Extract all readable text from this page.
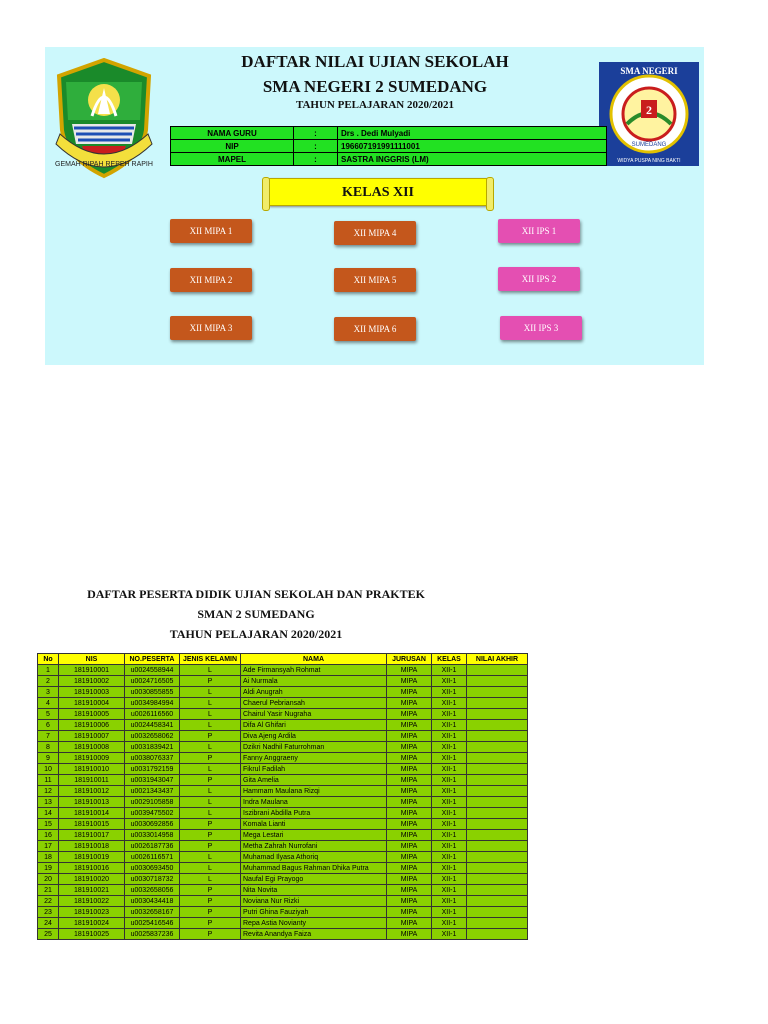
GEMAH RIPAH REPEH RAPIH
2
SMA NEGERI
SUMEDANG
WIDYA PUSPA NING BAKTI
DAFTAR NILAI UJIAN SEKOLAH
SMA NEGERI 2 SUMEDANG
TAHUN PELAJARAN 2020/2021
NAMA GURU	:	Drs . Dedi Mulyadi
NIP	:	196607191991111001
MAPEL	:	SASTRA INGGRIS (LM)
KELAS XII
XII MIPA 1
XII MIPA 2
XII MIPA 3
XII MIPA 4
XII MIPA 5
XII MIPA 6
XII IPS 1
XII IPS 2
XII IPS 3
DAFTAR PESERTA DIDIK UJIAN SEKOLAH DAN PRAKTEK
SMAN 2 SUMEDANG
TAHUN PELAJARAN 2020/2021
No	NIS	NO.PESERTA	JENIS KELAMIN	NAMA	JURUSAN	KELAS	NILAI AKHIR
1	181910001	u0024558944	L	Ade Firmansyah Rohmat	MIPA	XII-1	
2	181910002	u0024716505	P	Ai Nurmala	MIPA	XII-1	
3	181910003	u0030855855	L	Aldi Anugrah	MIPA	XII-1	
4	181910004	u0034984994	L	Chaerul Pebriansah	MIPA	XII-1	
5	181910005	u0026116560	L	Chairul Yasir Nugraha	MIPA	XII-1	
6	181910006	u0024458341	L	Difa Al Ghifari	MIPA	XII-1	
7	181910007	u0032658062	P	Diva Ajeng Ardila	MIPA	XII-1	
8	181910008	u0031839421	L	Dzikri Nadhil Faturrohman	MIPA	XII-1	
9	181910009	u0038076337	P	Fanny Anggraeny	MIPA	XII-1	
10	181910010	u0031792159	L	Fikrul Fadilah	MIPA	XII-1	
11	181910011	u0031943047	P	Gita Amelia	MIPA	XII-1	
12	181910012	u0021343437	L	Hammam Maulana Rizqi	MIPA	XII-1	
13	181910013	u0029105858	L	Indra Maulana	MIPA	XII-1	
14	181910014	u0039475502	L	Iszibrani Abdilla Putra	MIPA	XII-1	
15	181910015	u0030692856	P	Komala Lianti	MIPA	XII-1	
16	181910017	u0033014958	P	Mega Lestari	MIPA	XII-1	
17	181910018	u0026187736	P	Metha Zahrah Nurrofani	MIPA	XII-1	
18	181910019	u0026116571	L	Muhamad Ilyasa Athoriq	MIPA	XII-1	
19	181910016	u0030693450	L	Muhammad Bagus Rahman Dhika Putra	MIPA	XII-1	
20	181910020	u0030718732	L	Naufal Egi Prayogo	MIPA	XII-1	
21	181910021	u0032658056	P	Nita Novita	MIPA	XII-1	
22	181910022	u0030434418	P	Noviana Nur Rizki	MIPA	XII-1	
23	181910023	u0032658167	P	Putri Ghina Fauziyah	MIPA	XII-1	
24	181910024	u0025416546	P	Repa Astia Novianty	MIPA	XII-1	
25	181910025	u0025837236	P	Revita Anandya Faiza	MIPA	XII-1	
